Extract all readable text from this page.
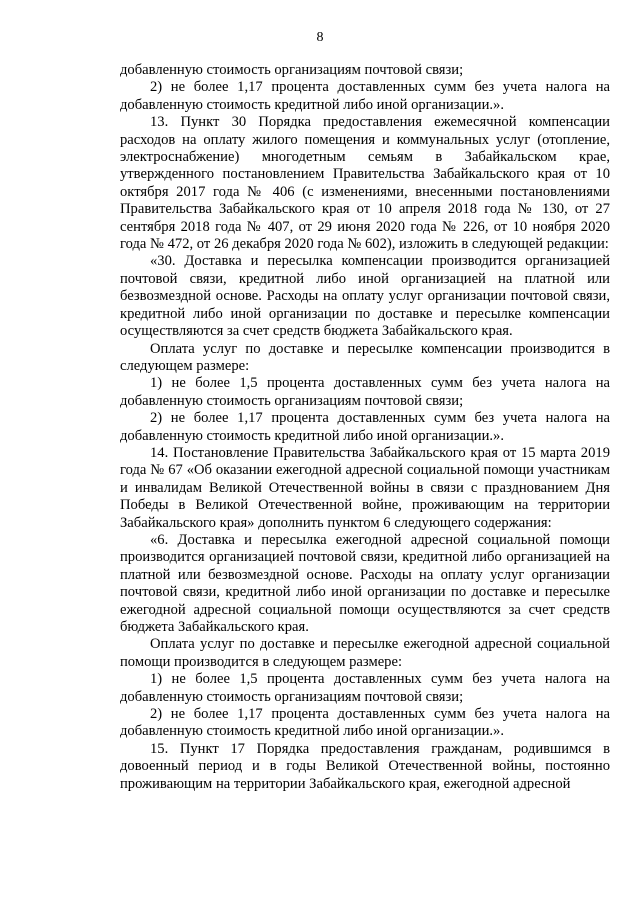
8

добавленную стоимость организациям почтовой связи;

2) не более 1,17 процента доставленных сумм без учета налога на добавленную стоимость кредитной либо иной организации.».

13. Пункт 30 Порядка предоставления ежемесячной компенсации расходов на оплату жилого помещения и коммунальных услуг (отопление, электроснабжение) многодетным семьям в Забайкальском крае, утвержденного постановлением Правительства Забайкальского края от 10 октября 2017 года № 406 (с изменениями, внесенными постановлениями Правительства Забайкальского края от 10 апреля 2018 года № 130, от 27 сентября 2018 года № 407, от 29 июня 2020 года № 226, от 10 ноября 2020 года № 472, от 26 декабря 2020 года № 602), изложить в следующей редакции:

«30. Доставка и пересылка компенсации производится организацией почтовой связи, кредитной либо иной организацией на платной или безвозмездной основе. Расходы на оплату услуг организации почтовой связи, кредитной либо иной организации по доставке и пересылке компенсации осуществляются за счет средств бюджета Забайкальского края.

Оплата услуг по доставке и пересылке компенсации производится в следующем размере:

1) не более 1,5 процента доставленных сумм без учета налога на добавленную стоимость организациям почтовой связи;

2) не более 1,17 процента доставленных сумм без учета налога на добавленную стоимость кредитной либо иной организации.».

14. Постановление Правительства Забайкальского края от 15 марта 2019 года № 67 «Об оказании ежегодной адресной социальной помощи участникам и инвалидам Великой Отечественной войны в связи с празднованием Дня Победы в Великой Отечественной войне, проживающим на территории Забайкальского края» дополнить пунктом 6 следующего содержания:

«6. Доставка и пересылка ежегодной адресной социальной помощи производится организацией почтовой связи, кредитной либо организацией на платной или безвозмездной основе. Расходы на оплату услуг организации почтовой связи, кредитной либо иной организации по доставке и пересылке ежегодной адресной социальной помощи осуществляются за счет средств бюджета Забайкальского края.

Оплата услуг по доставке и пересылке ежегодной адресной социальной помощи производится в следующем размере:

1) не более 1,5 процента доставленных сумм без учета налога на добавленную стоимость организациям почтовой связи;

2) не более 1,17 процента доставленных сумм без учета налога на добавленную стоимость кредитной либо иной организации.».

15. Пункт 17 Порядка предоставления гражданам, родившимся в довоенный период и в годы Великой Отечественной войны, постоянно проживающим на территории Забайкальского края, ежегодной адресной
